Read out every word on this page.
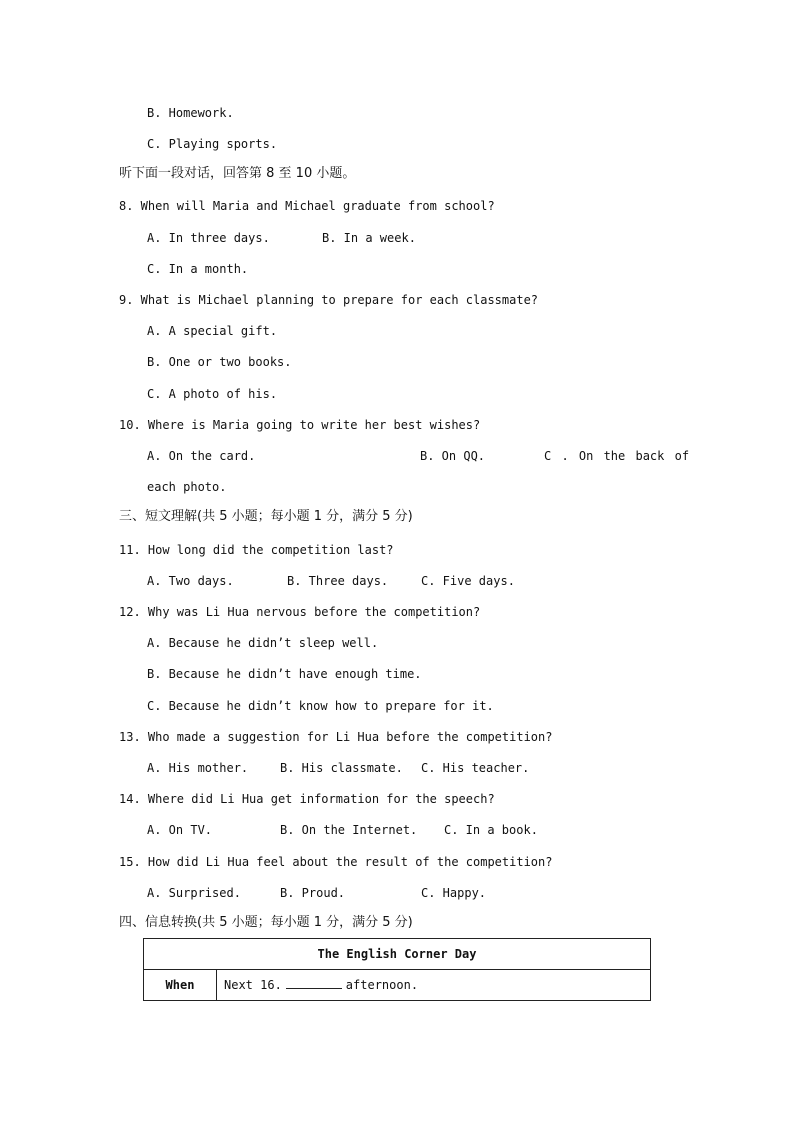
B. Homework.
C. Playing sports.
听下面一段对话，回答第 8 至 10 小题。
8. When will Maria and Michael graduate from school?
A. In three days.	B. In a week.
C. In a month.
9. What is Michael planning to prepare for each classmate?
A. A special gift.
B. One or two books.
C. A photo of his.
10. Where is Maria going to write her best wishes?
A. On the card.	B. On QQ.	C . On the back of
each photo.
三、短文理解(共 5 小题；每小题 1 分，满分 5 分)
11. How long did the competition last?
A. Two days.	B. Three days.	C. Five days.
12. Why was Li Hua nervous before the competition?
A. Because he didn’t sleep well.
B. Because he didn’t have enough time.
C. Because he didn’t know how to prepare for it.
13. Who made a suggestion for Li Hua before the competition?
A. His mother.	B. His classmate. C. His teacher.
14. Where did Li Hua get information for the speech?
A. On TV.	B. On the Internet. C. In a book.
15. How did Li Hua feel about the result of the competition?
A. Surprised.	B. Proud.	C. Happy.
四、信息转换(共 5 小题；每小题 1 分，满分 5 分)
The English Corner Day
When	Next 16.	afternoon.
